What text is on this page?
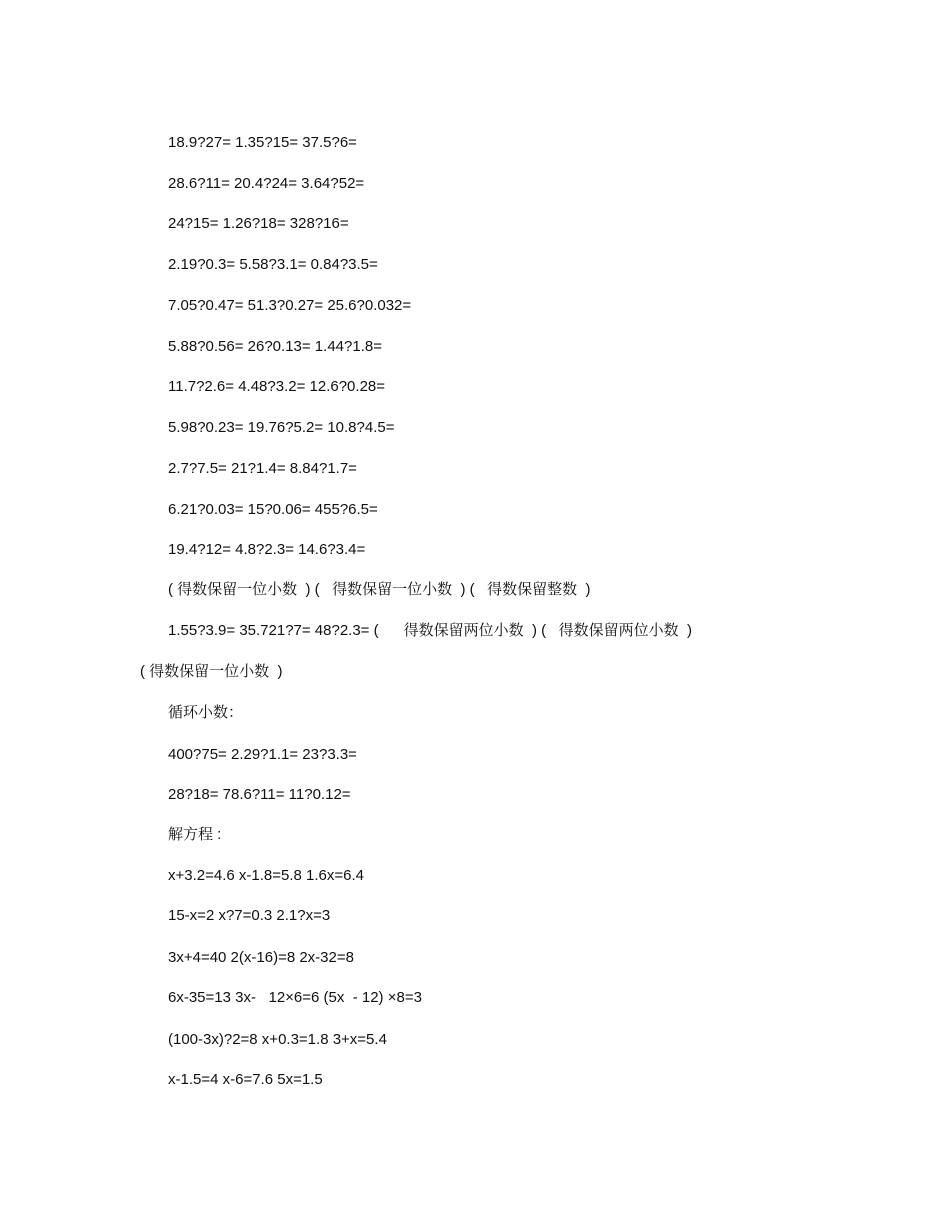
18.9?27= 1.35?15= 37.5?6=
28.6?11= 20.4?24= 3.64?52=
24?15= 1.26?18= 328?16=
2.19?0.3= 5.58?3.1= 0.84?3.5=
7.05?0.47= 51.3?0.27= 25.6?0.032=
5.88?0.56= 26?0.13= 1.44?1.8=
11.7?2.6= 4.48?3.2= 12.6?0.28=
5.98?0.23= 19.76?5.2= 10.8?4.5=
2.7?7.5= 21?1.4= 8.84?1.7=
6.21?0.03= 15?0.06= 455?6.5=
19.4?12= 4.8?2.3= 14.6?3.4=
( 得数保留一位小数  ) (   得数保留一位小数  ) (   得数保留整数  )
1.55?3.9= 35.721?7= 48?2.3= (      得数保留两位小数  ) (   得数保留两位小数  )
( 得数保留一位小数  )
循环小数：
400?75= 2.29?1.1= 23?3.3=
28?18= 78.6?11= 11?0.12=
解方程 :
x+3.2=4.6 x-1.8=5.8 1.6x=6.4
15-x=2 x?7=0.3 2.1?x=3
3x+4=40 2(x-16)=8 2x-32=8
6x-35=13 3x-   12×6=6 (5x  - 12) ×8=3
(100-3x)?2=8 x+0.3=1.8 3+x=5.4
x-1.5=4 x-6=7.6 5x=1.5
